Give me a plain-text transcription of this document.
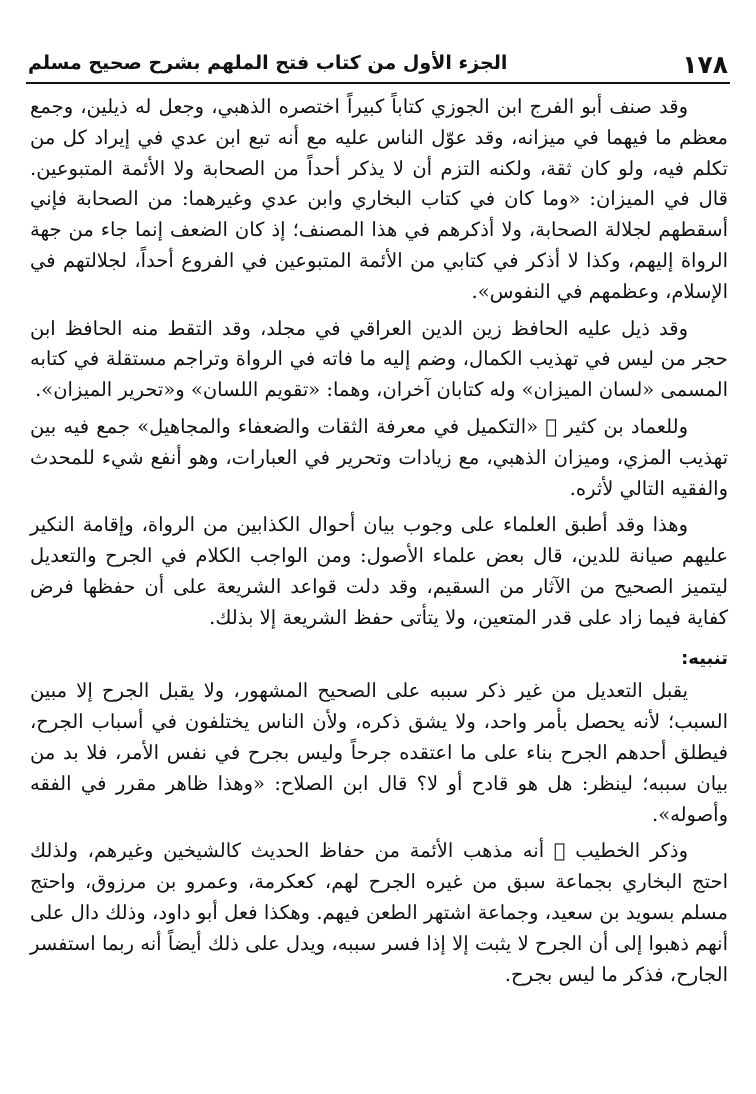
١٧٨
الجزء الأول من كتاب فتح الملهم بشرح صحيح مسلم

وقد صنف أبو الفرج ابن الجوزي كتاباً كبيراً اختصره الذهبي، وجعل له ذيلين، وجمع معظم ما فيهما في ميزانه، وقد عوّل الناس عليه مع أنه تبع ابن عدي في إيراد كل من تكلم فيه، ولو كان ثقة، ولكنه التزم أن لا يذكر أحداً من الصحابة ولا الأئمة المتبوعين. قال في الميزان: «وما كان في كتاب البخاري وابن عدي وغيرهما: من الصحابة فإني أسقطهم لجلالة الصحابة، ولا أذكرهم في هذا المصنف؛ إذ كان الضعف إنما جاء من جهة الرواة إليهم، وكذا لا أذكر في كتابي من الأئمة المتبوعين في الفروع أحداً، لجلالتهم في الإسلام، وعظمهم في النفوس».

وقد ذيل عليه الحافظ زين الدين العراقي في مجلد، وقد التقط منه الحافظ ابن حجر من ليس في تهذيب الكمال، وضم إليه ما فاته في الرواة وتراجم مستقلة في كتابه المسمى «لسان الميزان» وله كتابان آخران، وهما: «تقويم اللسان» و«تحرير الميزان».

وللعماد بن كثير ﷬ «التكميل في معرفة الثقات والضعفاء والمجاهيل» جمع فيه بين تهذيب المزي، وميزان الذهبي، مع زيادات وتحرير في العبارات، وهو أنفع شيء للمحدث والفقيه التالي لأثره.

وهذا وقد أطبق العلماء على وجوب بيان أحوال الكذابين من الرواة، وإقامة النكير عليهم صيانة للدين، قال بعض علماء الأصول: ومن الواجب الكلام في الجرح والتعديل ليتميز الصحيح من الآثار من السقيم، وقد دلت قواعد الشريعة على أن حفظها فرض كفاية فيما زاد على قدر المتعين، ولا يتأتى حفظ الشريعة إلا بذلك.

تنبيه:

يقبل التعديل من غير ذكر سببه على الصحيح المشهور، ولا يقبل الجرح إلا مبين السبب؛ لأنه يحصل بأمر واحد، ولا يشق ذكره، ولأن الناس يختلفون في أسباب الجرح، فيطلق أحدهم الجرح بناء على ما اعتقده جرحاً وليس بجرح في نفس الأمر، فلا بد من بيان سببه؛ لينظر: هل هو قادح أو لا؟ قال ابن الصلاح: «وهذا ظاهر مقرر في الفقه وأصوله».

وذكر الخطيب ﷬ أنه مذهب الأئمة من حفاظ الحديث كالشيخين وغيرهم، ولذلك احتج البخاري بجماعة سبق من غيره الجرح لهم، كعكرمة، وعمرو بن مرزوق، واحتج مسلم بسويد بن سعيد، وجماعة اشتهر الطعن فيهم. وهكذا فعل أبو داود، وذلك دال على أنهم ذهبوا إلى أن الجرح لا يثبت إلا إذا فسر سببه، ويدل على ذلك أيضاً أنه ربما استفسر الجارح، فذكر ما ليس بجرح.
